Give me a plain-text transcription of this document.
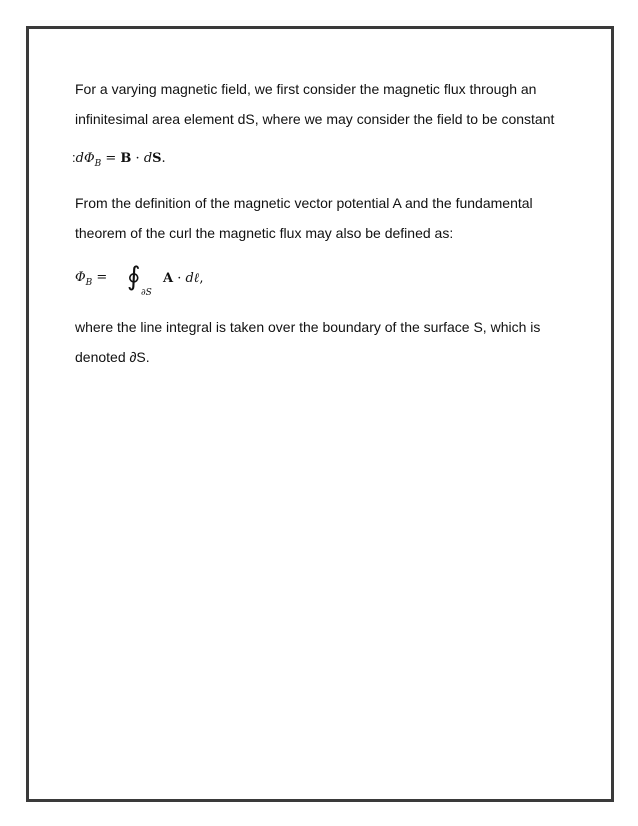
For a varying magnetic field, we first consider the magnetic flux through an
infinitesimal area element dS, where we may consider the field to be constant
$:d\Phi_B = B$ · dS.
From the definition of the magnetic vector potential A and the fundamental
theorem of the curl the magnetic flux may also be defined as:
$\Phi_B$ = ∮
∂S
A · dℓ,
where the line integral is taken over the boundary of the surface S, which is
denoted ∂S.
